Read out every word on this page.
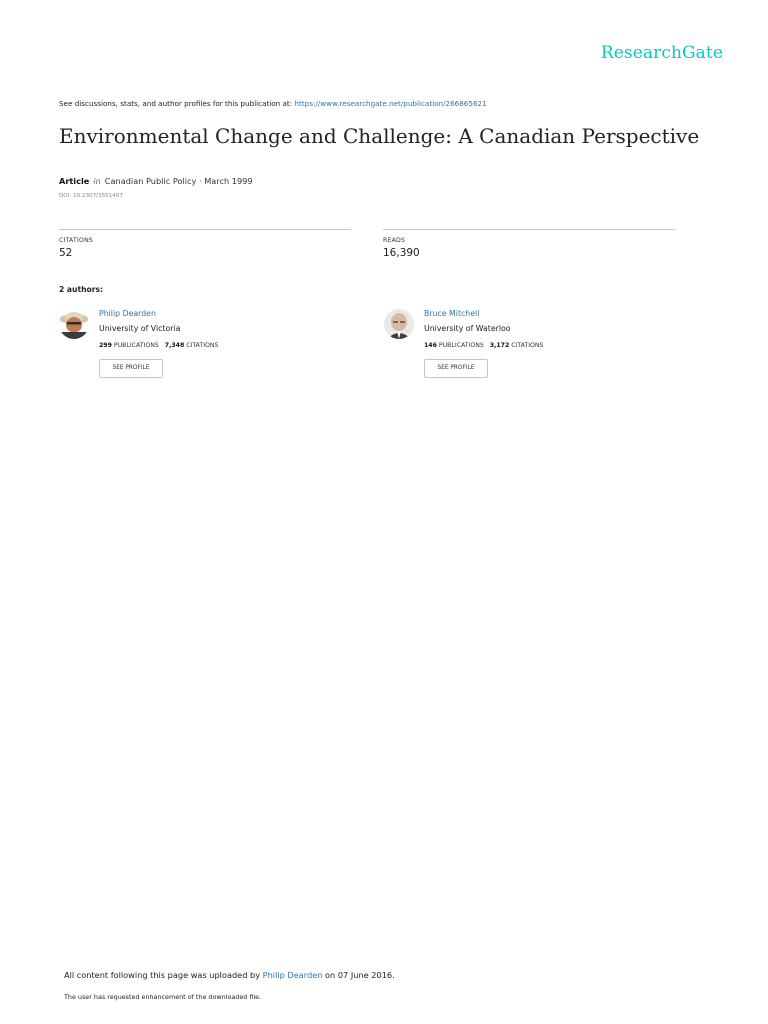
ResearchGate
See discussions, stats, and author profiles for this publication at: https://www.researchgate.net/publication/266865621
Environmental Change and Challenge: A Canadian Perspective
Article in Canadian Public Policy · March 1999
DOI: 10.2307/3551407
CITATIONS
52
READS
16,390
2 authors:
Philip Dearden
University of Victoria
299 PUBLICATIONS 7,348 CITATIONS
SEE PROFILE
Bruce Mitchell
University of Waterloo
146 PUBLICATIONS 3,172 CITATIONS
SEE PROFILE
All content following this page was uploaded by Philip Dearden on 07 June 2016.
The user has requested enhancement of the downloaded file.
